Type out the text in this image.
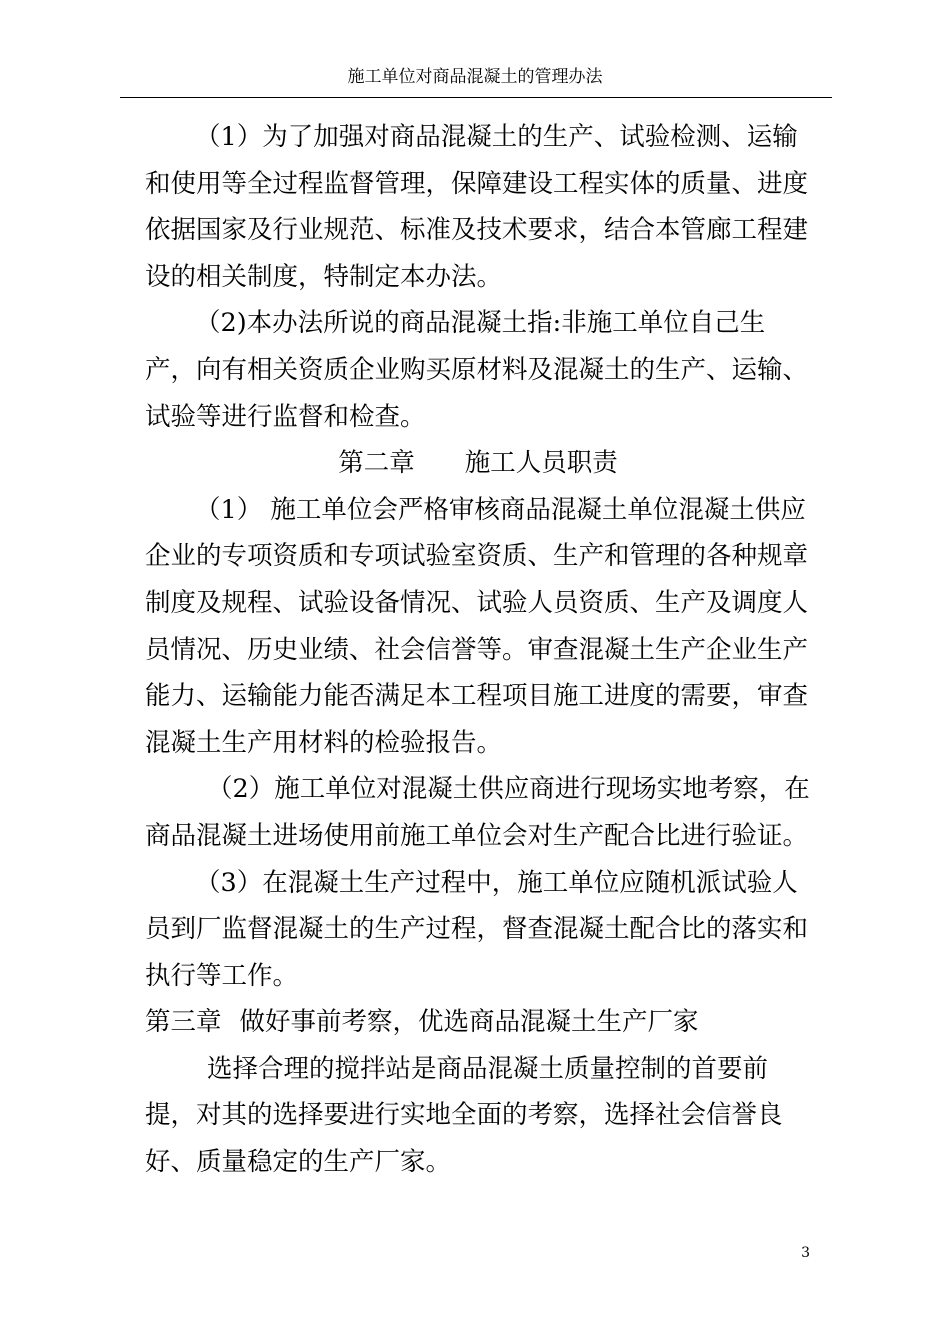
施工单位对商品混凝土的管理办法

（1）为了加强对商品混凝土的生产、试验检测、运输和使用等全过程监督管理，保障建设工程实体的质量、进度依据国家及行业规范、标准及技术要求，结合本管廊工程建设的相关制度，特制定本办法。

（2)本办法所说的商品混凝土指:非施工单位自己生产，向有相关资质企业购买原材料及混凝土的生产、运输、试验等进行监督和检查。

第二章 施工人员职责

（1） 施工单位会严格审核商品混凝土单位混凝土供应企业的专项资质和专项试验室资质、生产和管理的各种规章制度及规程、试验设备情况、试验人员资质、生产及调度人员情况、历史业绩、社会信誉等。审查混凝土生产企业生产能力、运输能力能否满足本工程项目施工进度的需要，审查混凝土生产用材料的检验报告。

（2）施工单位对混凝土供应商进行现场实地考察，在商品混凝土进场使用前施工单位会对生产配合比进行验证。

（3）在混凝土生产过程中，施工单位应随机派试验人员到厂监督混凝土的生产过程，督查混凝土配合比的落实和执行等工作。

第三章 做好事前考察，优选商品混凝土生产厂家

选择合理的搅拌站是商品混凝土质量控制的首要前提，对其的选择要进行实地全面的考察，选择社会信誉良好、质量稳定的生产厂家。

3
